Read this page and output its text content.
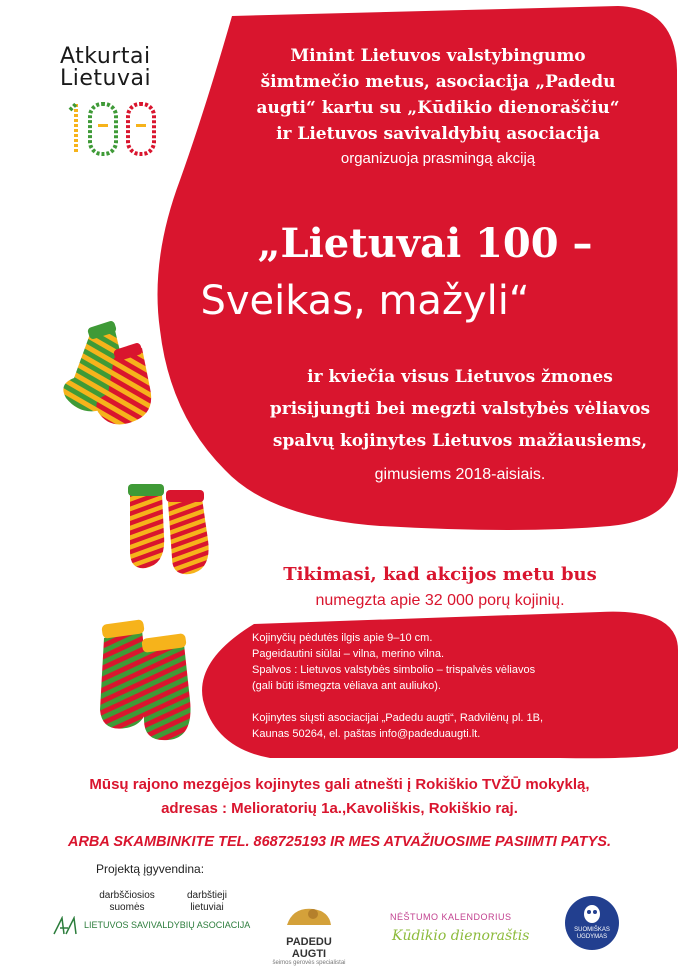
Atkurtai
Lietuvai
Minint Lietuvos valstybingumo
šimtmečio metus, asociacija „Padedu
augti“ kartu su „Kūdikio dienoraščiu“
ir Lietuvos savivaldybių asociacija
organizuoja prasmingą akciją
„Lietuvai 100 –
Sveikas, mažyli“
ir kviečia visus Lietuvos žmones
prisijungti bei megzti valstybės vėliavos
spalvų kojinytes Lietuvos mažiausiems,
gimusiems 2018-aisiais.
Tikimasi, kad akcijos metu bus
numegzta apie 32 000 porų kojinių.
Kojinyčių pėdutės ilgis apie 9–10 cm.
Pageidautini siūlai – vilna, merino vilna.
Spalvos : Lietuvos valstybės simbolio – trispalvės vėliavos
(gali būti išmegzta vėliava ant auliuko).
Kojinytes siųsti asociacijai „Padedu augti“, Radvilėnų pl. 1B,
Kaunas 50264, el. paštas info@padeduaugti.lt.
Mūsų rajono mezgėjos kojinytes gali atnešti į Rokiškio TVŽŪ mokyklą,
adresas : Melioratorių 1a.,Kavoliškis, Rokiškio raj.
ARBA SKAMBINKITE TEL. 868725193 IR MES ATVAŽIUOSIME PASIIMTI PATYS.
Projektą įgyvendina:
darbščiosios
suomės
darbštieji
lietuviai
LIETUVOS SAVIVALDYBIŲ ASOCIACIJA
PADEDU AUGTI
šeimos gerovės specialistai
NĖŠTUMO KALENDORIUS
Kūdikio dienoraštis	SUOMIŠKAS
UGDYMAS
